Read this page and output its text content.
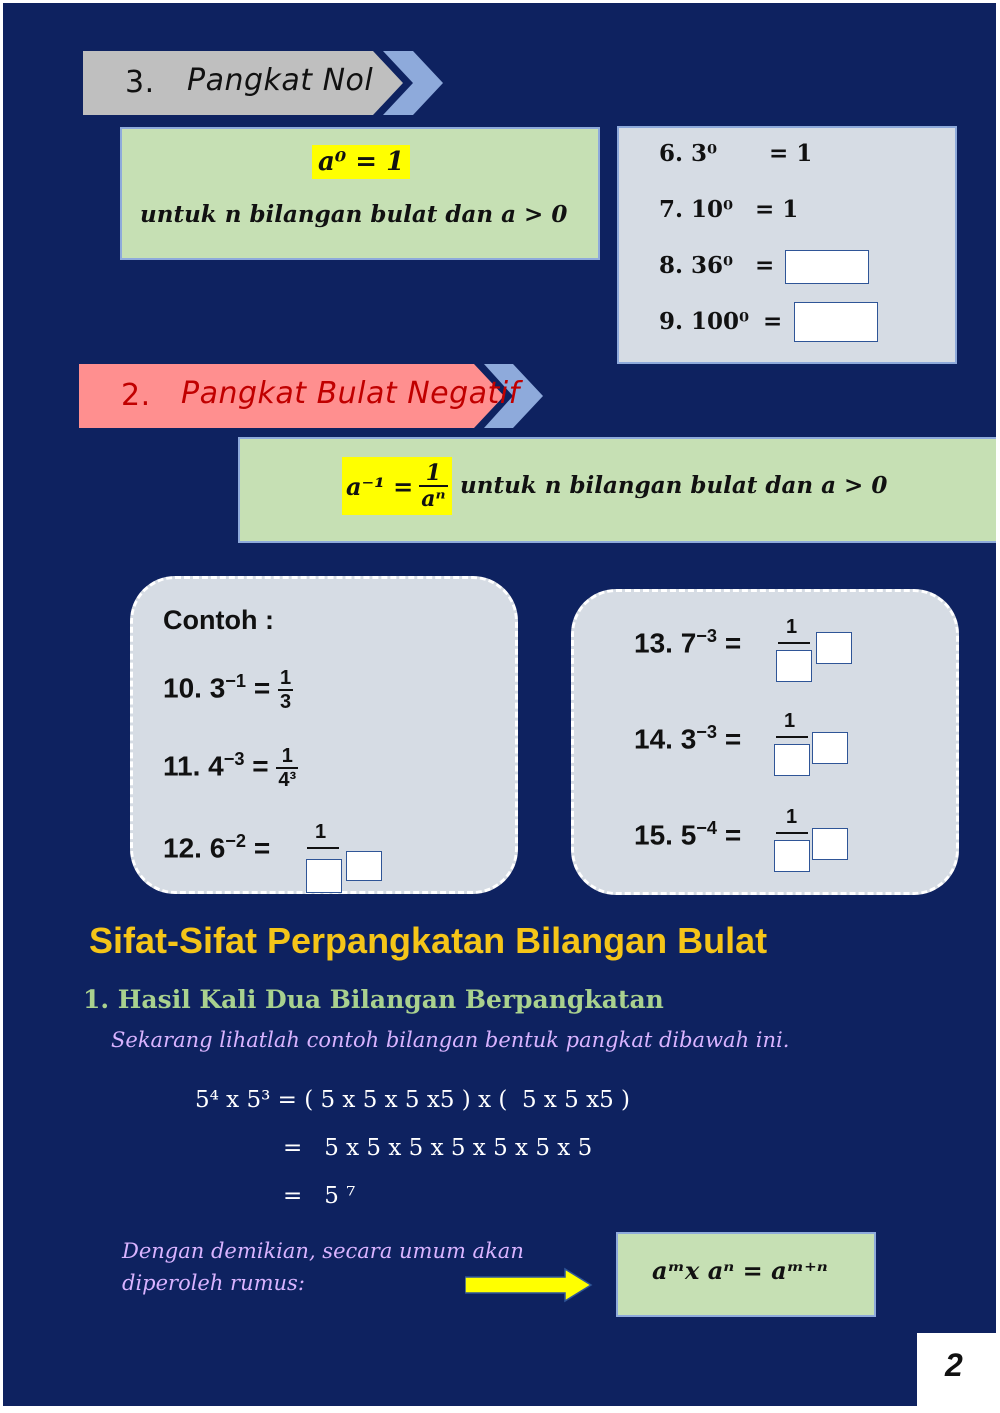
3. Pangkat Nol
a⁰ = 1
untuk n bilangan bulat dan a > 0
6. 3⁰ = 1
7. 10⁰ = 1
8. 36⁰ =
9. 100⁰ =
2. Pangkat Bulat Negatif
$a^{-1} = \frac{1}{\text{aⁿ}}$ untuk n bilangan bulat dan a > 0
Contoh :
10. $3^{-1} = \frac{1}{3}$
11. $4^{-3} = \frac{1}{\text{4³}}$
12. $6^{-2}$ =
1
13. $7^{-3}$ =
1
14. $3^{-3}$ =
1
15. $5^{-4}$ =
1
Sifat-Sifat Perpangkatan Bilangan Bulat
1. Hasil Kali Dua Bilangan Berpangkatan
Sekarang lihatlah contoh bilangan bentuk pangkat dibawah ini.
5⁴ x 5³ = ( 5 x 5 x 5 x5 ) x (  5 x 5 x5 )
=   5 x 5 x 5 x 5 x 5 x 5 x 5
=   5 ⁷
Dengan demikian, secara umum akan
diperoleh rumus:	aᵐx aⁿ = aᵐ⁺ⁿ
2
